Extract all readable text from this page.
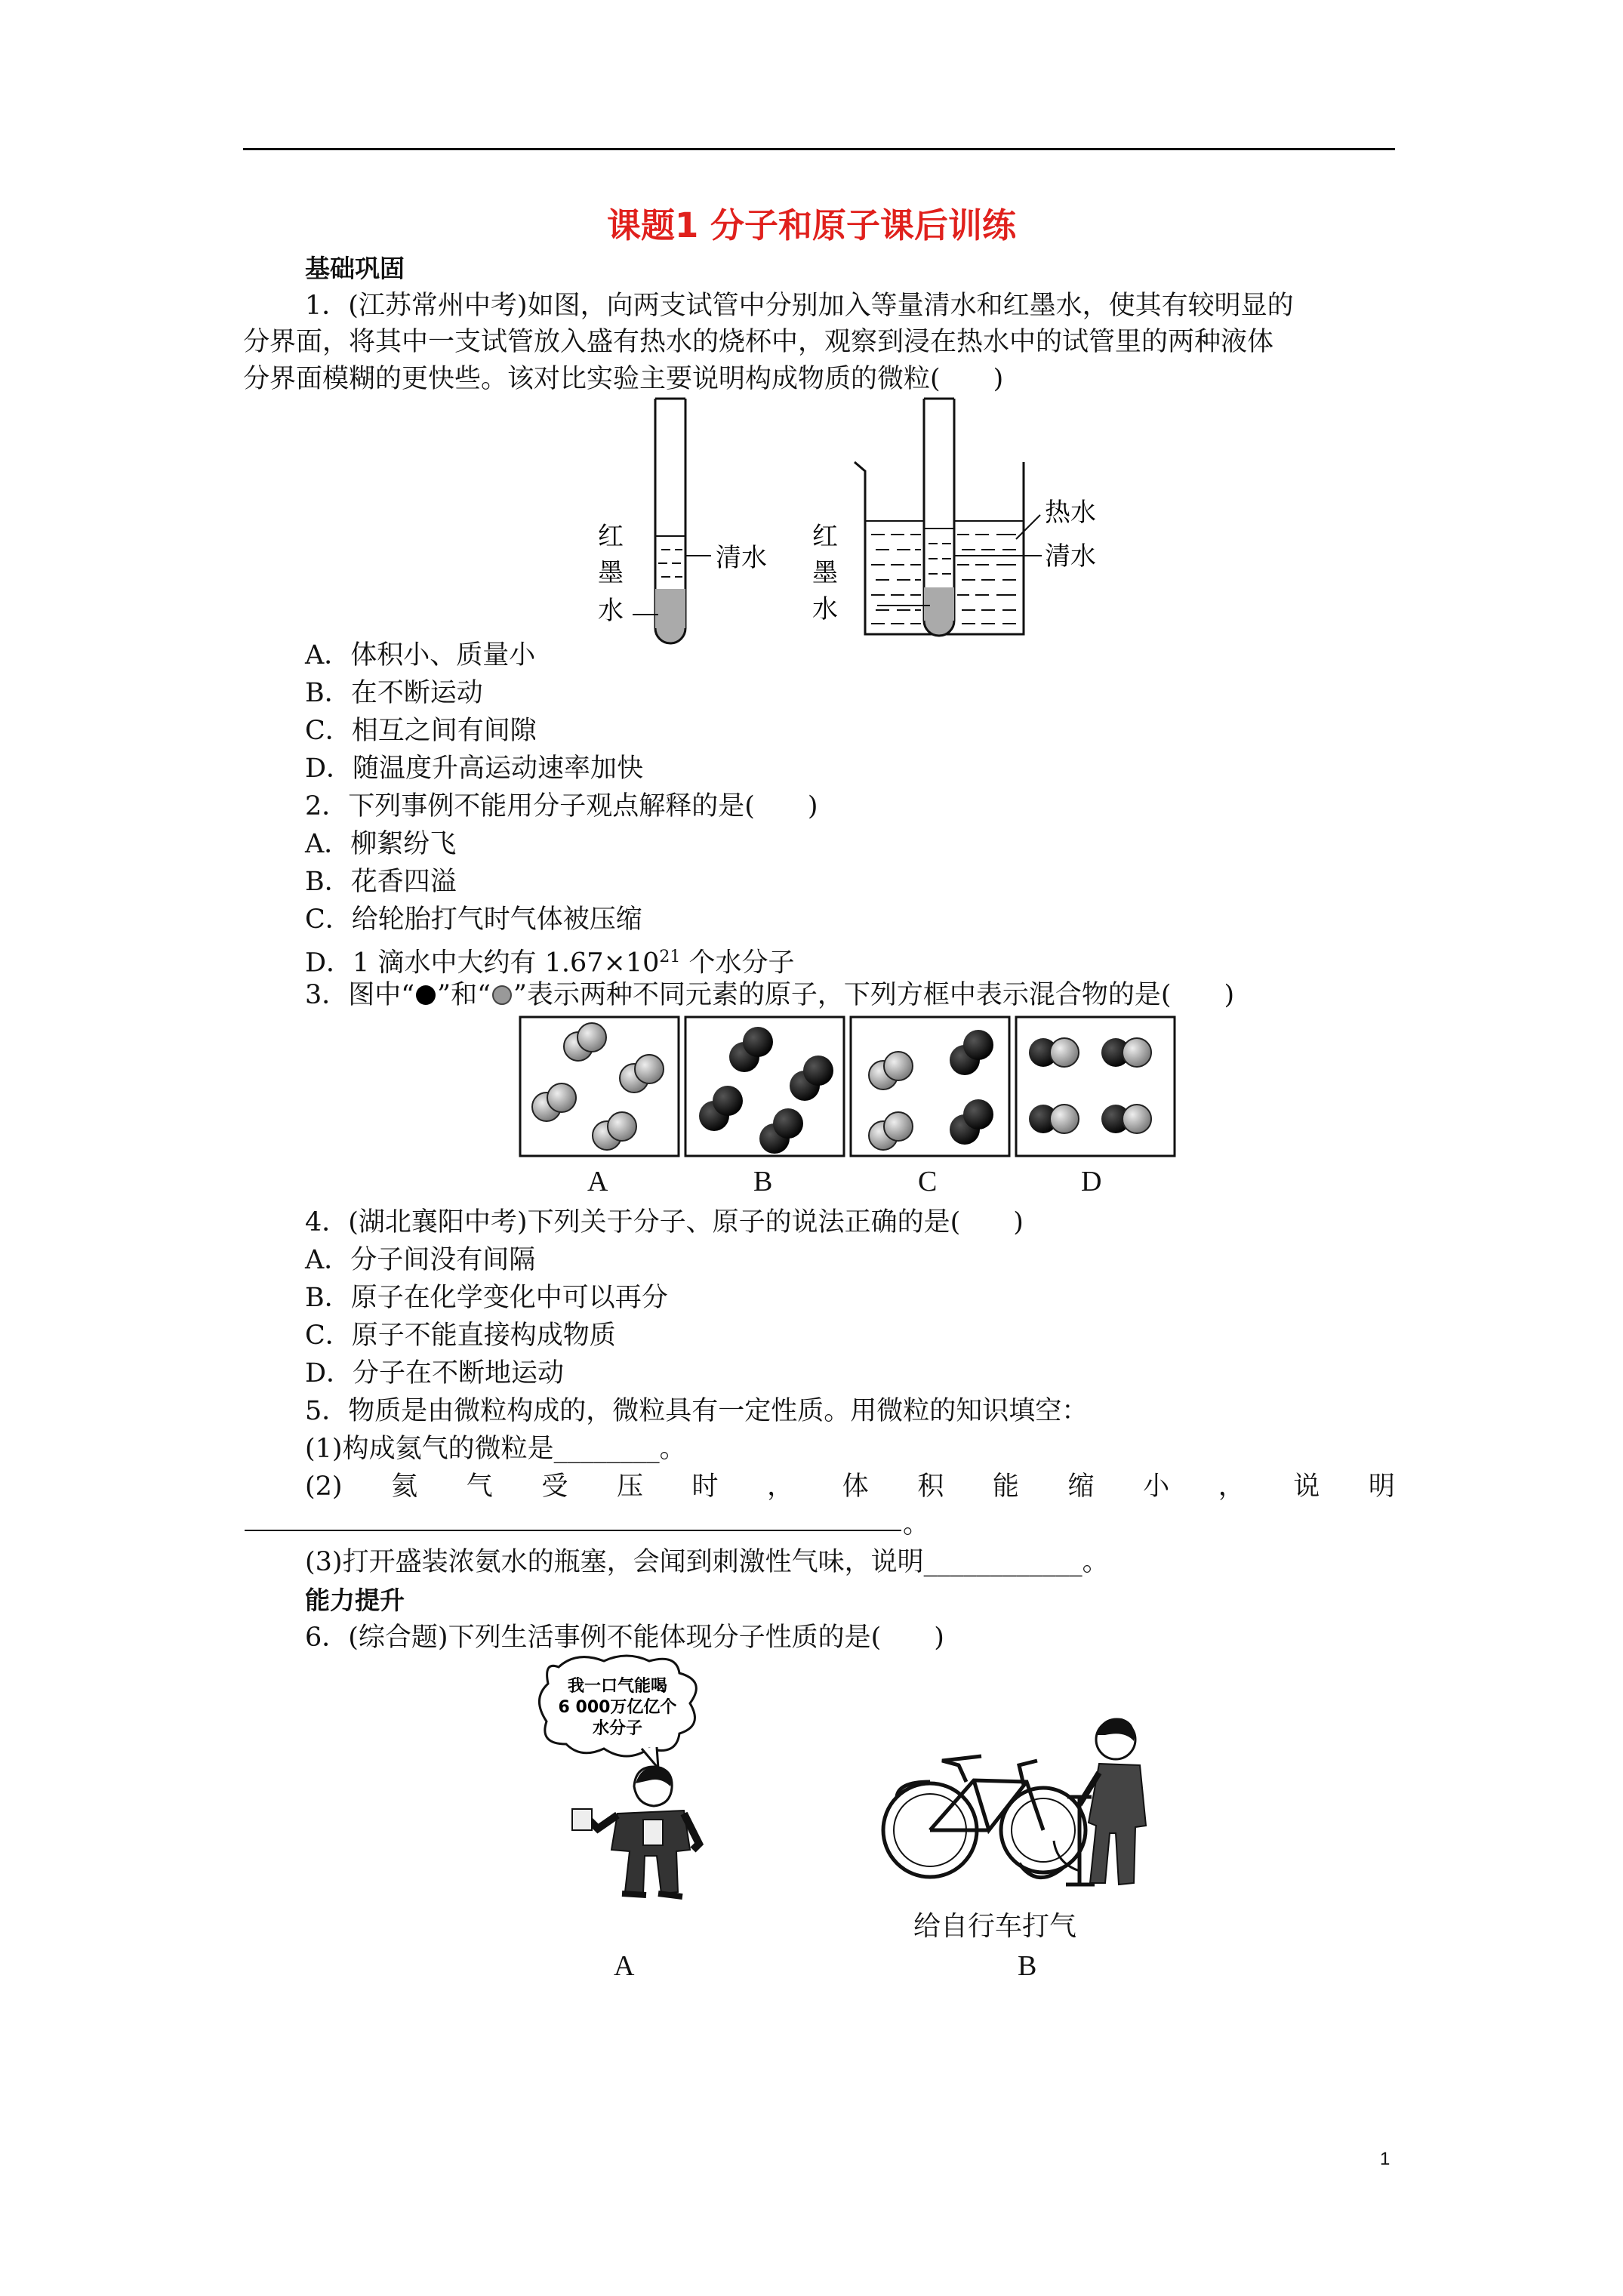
课题1 分子和原子课后训练
基础巩固
1．(江苏常州中考)如图，向两支试管中分别加入等量清水和红墨水，使其有较明显的
分界面，将其中一支试管放入盛有热水的烧杯中，观察到浸在热水中的试管里的两种液体
分界面模糊的更快些。该对比实验主要说明构成物质的微粒(　　)
红
墨
水
清水
红
墨
水
热水
清水
A．体积小、质量小
B．在不断运动
C．相互之间有间隙
D．随温度升高运动速率加快
2．下列事例不能用分子观点解释的是(　　)
A．柳絮纷飞
B．花香四溢
C．给轮胎打气时气体被压缩
D．1 滴水中大约有 $1.67\times 10^{21}$ 个水分子
3．图中“ ”和“ ”表示两种不同元素的原子，下列方框中表示混合物的是(　　)
A	B	C	D
4．(湖北襄阳中考)下列关于分子、原子的说法正确的是(　　)
A．分子间没有间隔
B．原子在化学变化中可以再分
C．原子不能直接构成物质
D．分子在不断地运动
5．物质是由微粒构成的，微粒具有一定性质。用微粒的知识填空：
(1)构成氦气的微粒是________。
(2) 氦 气 受 压 时 ， 体 积 能 缩 小 ， 说 明
。
(3)打开盛装浓氨水的瓶塞，会闻到刺激性气味，说明____________。
能力提升
6．(综合题)下列生活事例不能体现分子性质的是(　　)
我一口气能喝
6 000万亿亿个
水分子
给自行车打气
A	B
1
